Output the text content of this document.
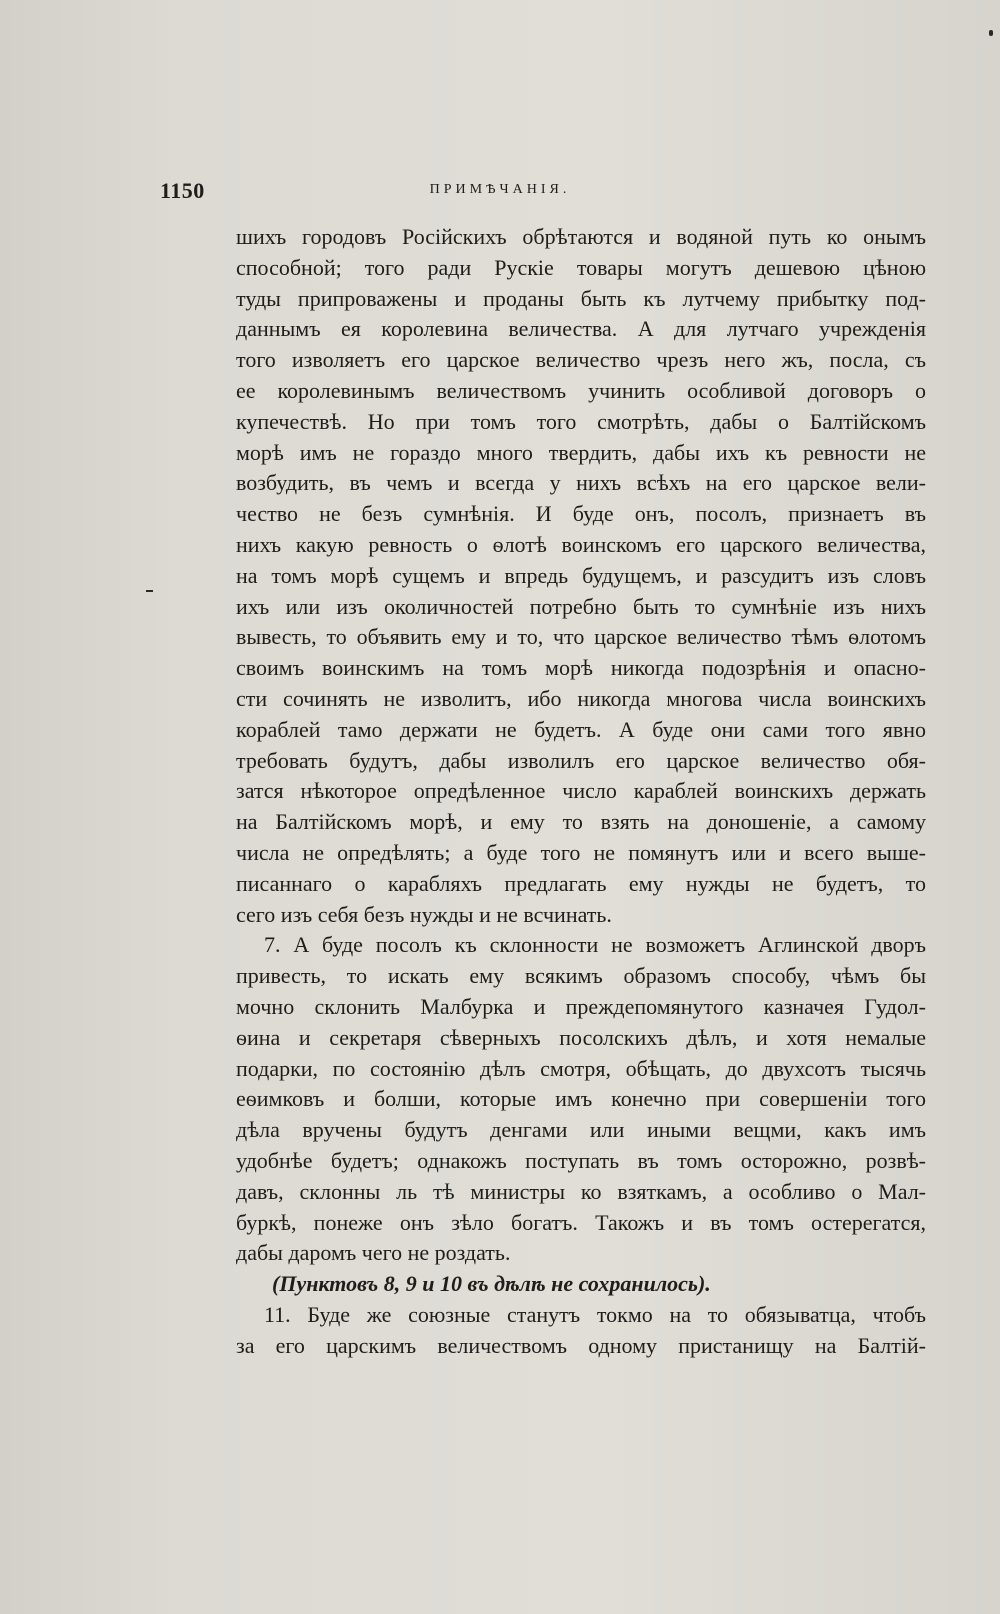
1150	ПРИМѢЧАНІЯ.
шихъ городовъ Російскихъ обрѣтаются и водяной путь ко онымъ
способной; того ради Рускіе товары могутъ дешевою цѣною
туды припроважены и проданы быть къ лутчему прибытку под-
даннымъ ея королевина величества. А для лутчаго учрежденія
того изволяетъ его царское величество чрезъ него жъ, посла, съ
ее королевинымъ величествомъ учинить особливой договоръ о
купечествѣ. Но при томъ того смотрѣть, дабы о Балтійскомъ
морѣ имъ не гораздо много твердить, дабы ихъ къ ревности не
возбудить, въ чемъ и всегда у нихъ всѣхъ на его царское вели-
чество не безъ сумнѣнія. И буде онъ, посолъ, признаетъ въ
нихъ какую ревность о ѳлотѣ воинскомъ его царского величества,
на томъ морѣ сущемъ и впредь будущемъ, и разсудитъ изъ словъ
ихъ или изъ околичностей потребно быть то сумнѣніе изъ нихъ
вывесть, то объявить ему и то, что царское величество тѣмъ ѳлотомъ
своимъ воинскимъ на томъ морѣ никогда подозрѣнія и опасно-
сти сочинять не изволитъ, ибо никогда многова числа воинскихъ
кораблей тамо держати не будетъ. А буде они сами того явно
требовать будутъ, дабы изволилъ его царское величество обя-
затся нѣкоторое опредѣленное число караблей воинскихъ держать
на Балтійскомъ морѣ, и ему то взять на доношеніе, а самому
числа не опредѣлять; а буде того не помянутъ или и всего выше-
писаннаго о карабляхъ предлагать ему нужды не будетъ, то
сего изъ себя безъ нужды и не всчинать.
7. А буде посолъ къ склонности не возможетъ Аглинской дворъ
привесть, то искать ему всякимъ образомъ способу, чѣмъ бы
мочно склонить Малбурка и преждепомянутого казначея Гудол-
ѳина и секретаря сѣверныхъ посолскихъ дѣлъ, и хотя немалые
подарки, по состоянію дѣлъ смотря, обѣщать, до двухсотъ тысячь
еѳимковъ и болши, которые имъ конечно при совершеніи того
дѣла вручены будутъ денгами или иными вещми, какъ имъ
удобнѣе будетъ; однакожъ поступать въ томъ осторожно, розвѣ-
давъ, склонны ль тѣ министры ко взяткамъ, а особливо о Мал-
буркѣ, понеже онъ зѣло богатъ. Такожъ и въ томъ остерегатся,
дабы даромъ чего не роздать.
(Пунктовъ 8, 9 и 10 въ дѣлѣ не сохранилось).
11. Буде же союзные станутъ токмо на то обязыватца, чтобъ
за его царскимъ величествомъ одному пристанищу на Балтій-
